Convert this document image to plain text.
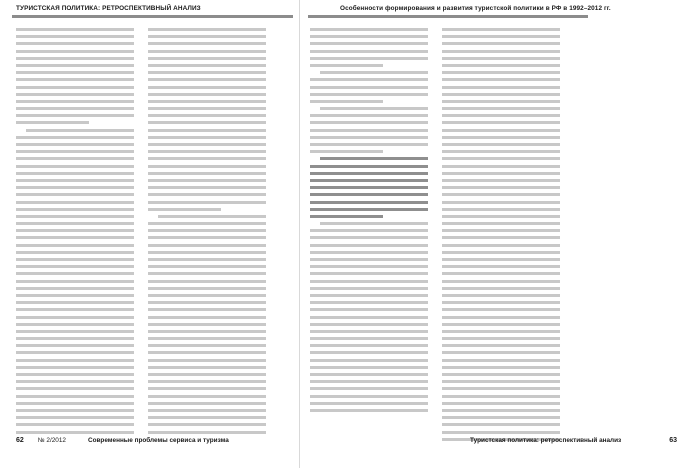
ТУРИСТСКАЯ ПОЛИТИКА: РЕТРОСПЕКТИВНЫЙ АНАЛИЗ
62 № 2/2012	Современные проблемы сервиса и туризма
Особенности формирования и развития туристской политики в РФ в 1992–2012 гг.
Туристская политика: ретроспективный анализ	63
